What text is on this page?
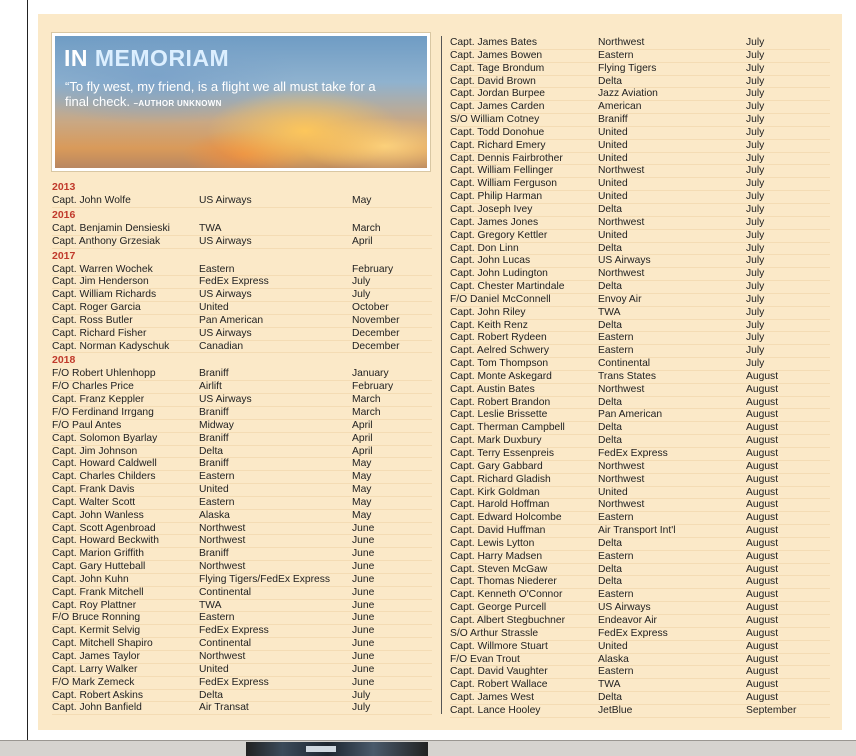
IN MEMORIAM
“To fly west, my friend, is a flight we all must take for a final check. –AUTHOR UNKNOWN
2013
Capt. John Wolfe	US Airways	May
2016
Capt. Benjamin Densieski	TWA	March
Capt. Anthony Grzesiak	US Airways	April
2017
Capt. Warren Wochek	Eastern	February
Capt. Jim Henderson	FedEx Express	July
Capt. William Richards	US Airways	July
Capt. Roger Garcia	United	October
Capt. Ross Butler	Pan American	November
Capt. Richard Fisher	US Airways	December
Capt. Norman Kadyschuk	Canadian	December
2018
F/O Robert Uhlenhopp	Braniff	January
F/O Charles Price	Airlift	February
Capt. Franz Keppler	US Airways	March
F/O Ferdinand Irrgang	Braniff	March
F/O Paul Antes	Midway	April
Capt. Solomon Byarlay	Braniff	April
Capt. Jim Johnson	Delta	April
Capt. Howard Caldwell	Braniff	May
Capt. Charles Childers	Eastern	May
Capt. Frank Davis	United	May
Capt. Walter Scott	Eastern	May
Capt. John Wanless	Alaska	May
Capt. Scott Agenbroad	Northwest	June
Capt. Howard Beckwith	Northwest	June
Capt. Marion Griffith	Braniff	June
Capt. Gary Hutteball	Northwest	June
Capt. John Kuhn	Flying Tigers/FedEx Express June
Capt. Frank Mitchell	Continental	June
Capt. Roy Plattner	TWA	June
F/O Bruce Ronning	Eastern	June
Capt. Kermit Selvig	FedEx Express	June
Capt. Mitchell Shapiro	Continental	June
Capt. James Taylor	Northwest	June
Capt. Larry Walker	United	June
F/O Mark Zemeck	FedEx Express	June
Capt. Robert Askins	Delta	July
Capt. John Banfield	Air Transat	July
Capt. James Bates	Northwest	July
Capt. James Bowen	Eastern	July
Capt. Tage Brondum	Flying Tigers	July
Capt. David Brown	Delta	July
Capt. Jordan Burpee	Jazz Aviation	July
Capt. James Carden	American	July
S/O William Cotney	Braniff	July
Capt. Todd Donohue	United	July
Capt. Richard Emery	United	July
Capt. Dennis Fairbrother	United	July
Capt. William Fellinger	Northwest	July
Capt. William Ferguson	United	July
Capt. Philip Harman	United	July
Capt. Joseph Ivey	Delta	July
Capt. James Jones	Northwest	July
Capt. Gregory Kettler	United	July
Capt. Don Linn	Delta	July
Capt. John Lucas	US Airways	July
Capt. John Ludington	Northwest	July
Capt. Chester Martindale	Delta	July
F/O Daniel McConnell	Envoy Air	July
Capt. John Riley	TWA	July
Capt. Keith Renz	Delta	July
Capt. Robert Rydeen	Eastern	July
Capt. Aelred Schwery	Eastern	July
Capt. Tom Thompson	Continental	July
Capt. Monte Askegard	Trans States	August
Capt. Austin Bates	Northwest	August
Capt. Robert Brandon	Delta	August
Capt. Leslie Brissette	Pan American	August
Capt. Therman Campbell	Delta	August
Capt. Mark Duxbury	Delta	August
Capt. Terry Essenpreis	FedEx Express	August
Capt. Gary Gabbard	Northwest	August
Capt. Richard Gladish	Northwest	August
Capt. Kirk Goldman	United	August
Capt. Harold Hoffman	Northwest	August
Capt. Edward Holcombe	Eastern	August
Capt. David Huffman	Air Transport Int'l	August
Capt. Lewis Lytton	Delta	August
Capt. Harry Madsen	Eastern	August
Capt. Steven McGaw	Delta	August
Capt. Thomas Niederer	Delta	August
Capt. Kenneth O'Connor	Eastern	August
Capt. George Purcell	US Airways	August
Capt. Albert Stegbuchner	Endeavor Air	August
S/O Arthur Strassle	FedEx Express	August
Capt. Willmore Stuart	United	August
F/O Evan Trout	Alaska	August
Capt. David Vaughter	Eastern	August
Capt. Robert Wallace	TWA	August
Capt. James West	Delta	August
Capt. Lance Hooley	JetBlue	September
